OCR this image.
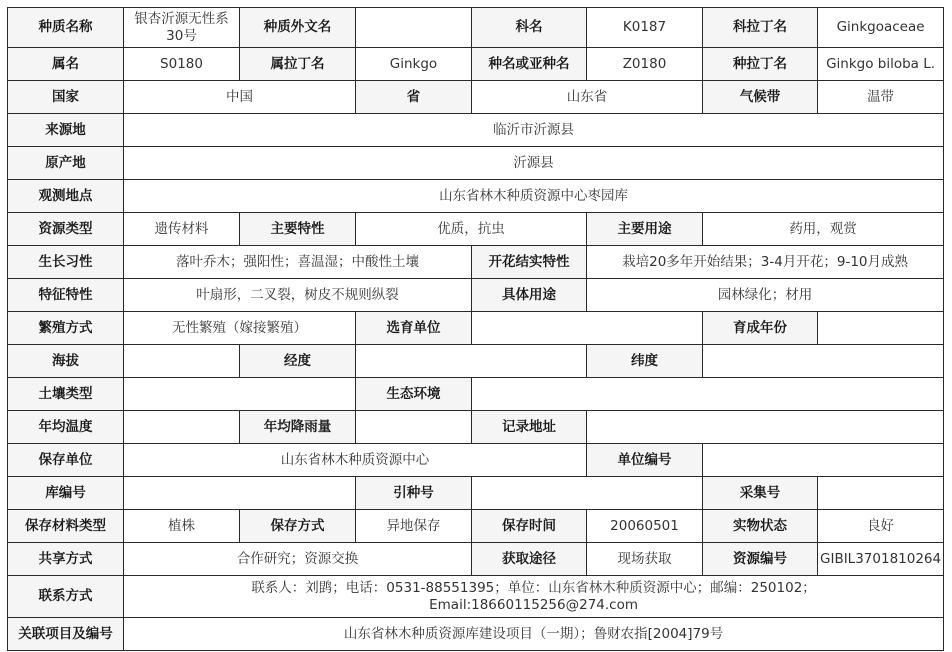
种质名称	银杏沂源无性系30号	种质外文名		科名	K0187	科拉丁名	Ginkgoaceae
属名	S0180	属拉丁名	Ginkgo	种名或亚种名	Z0180	种拉丁名	Ginkgo biloba L.
国家	中国		省	山东省		气候带	温带
来源地	临沂市沂源县						
原产地	沂源县						
观测地点	山东省林木种质资源中心枣园库						
资源类型	遗传材料	主要特性	优质，抗虫		主要用途	药用，观赏	
生长习性	落叶乔木；强阳性；喜温湿；中酸性土壤			开花结实特性	栽培20多年开始结果；3-4月开花；9-10月成熟		
特征特性	叶扇形，二叉裂，树皮不规则纵裂			具体用途	园林绿化；材用		
繁殖方式	无性繁殖（嫁接繁殖）		选育单位			育成年份	
海拔		经度			纬度		
土壤类型			生态环境				
年均温度		年均降雨量		记录地址			
保存单位	山东省林木种质资源中心				单位编号		
库编号			引种号			采集号	
保存材料类型	植株	保存方式	异地保存	保存时间	20060501	实物状态	良好
共享方式	合作研究；资源交换			获取途径	现场获取	资源编号	GIBIL3701810264
联系方式	联系人：刘鹍；电话：0531-88551395；单位：山东省林木种质资源中心；邮编：250102；
Email:18660115256@274.com						

关联项目及编号	山东省林木种质资源库建设项目（一期）；鲁财农指[2004]79号						
